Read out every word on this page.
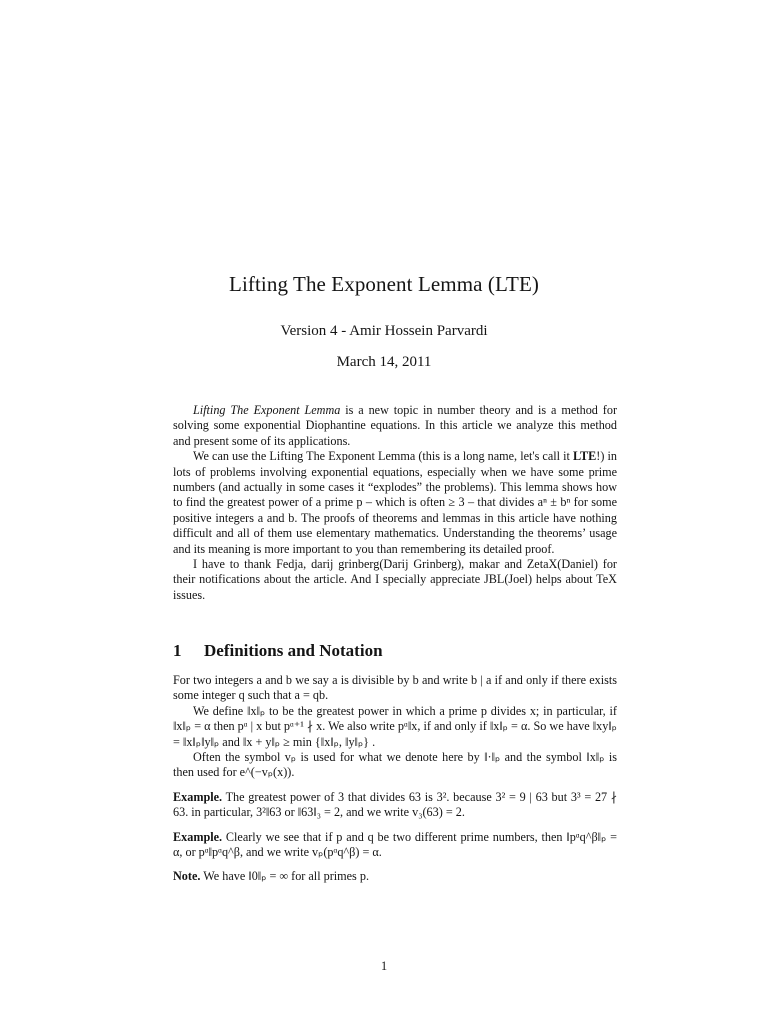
Lifting The Exponent Lemma (LTE)
Version 4 - Amir Hossein Parvardi
March 14, 2011

Lifting The Exponent Lemma is a new topic in number theory and is a method for solving some exponential Diophantine equations. In this article we analyze this method and present some of its applications.

We can use the Lifting The Exponent Lemma (this is a long name, let's call it LTE!) in lots of problems involving exponential equations, especially when we have some prime numbers (and actually in some cases it “explodes” the problems). This lemma shows how to find the greatest power of a prime p – which is often ≥ 3 – that divides aⁿ ± bⁿ for some positive integers a and b. The proofs of theorems and lemmas in this article have nothing difficult and all of them use elementary mathematics. Understanding the theorems’ usage and its meaning is more important to you than remembering its detailed proof.

I have to thank Fedja, darij grinberg(Darij Grinberg), makar and ZetaX(Daniel) for their notifications about the article. And I specially appreciate JBL(Joel) helps about TeX issues.

1 Definitions and Notation

For two integers a and b we say a is divisible by b and write b | a if and only if there exists some integer q such that a = qb.

We define ‖x‖ₚ to be the greatest power in which a prime p divides x; in particular, if ‖x‖ₚ = α then pᵅ | x but pᵅ⁺¹ ∤ x. We also write pᵅ‖x, if and only if ‖x‖ₚ = α. So we have ‖xy‖ₚ = ‖x‖ₚ‖y‖ₚ and ‖x + y‖ₚ ≥ min {‖x‖ₚ, ‖y‖ₚ} .

Often the symbol vₚ is used for what we denote here by ‖·‖ₚ and the symbol ‖x‖ₚ is then used for e^(−vₚ(x)).

Example. The greatest power of 3 that divides 63 is 3². because 3² = 9 | 63 but 3³ = 27 ∤ 63. in particular, 3²‖63 or ‖63‖₃ = 2, and we write v₃(63) = 2.

Example. Clearly we see that if p and q be two different prime numbers, then ‖pᵅq^β‖ₚ = α, or pᵅ‖pᵅq^β, and we write vₚ(pᵅq^β) = α.

Note. We have ‖0‖ₚ = ∞ for all primes p.

1
